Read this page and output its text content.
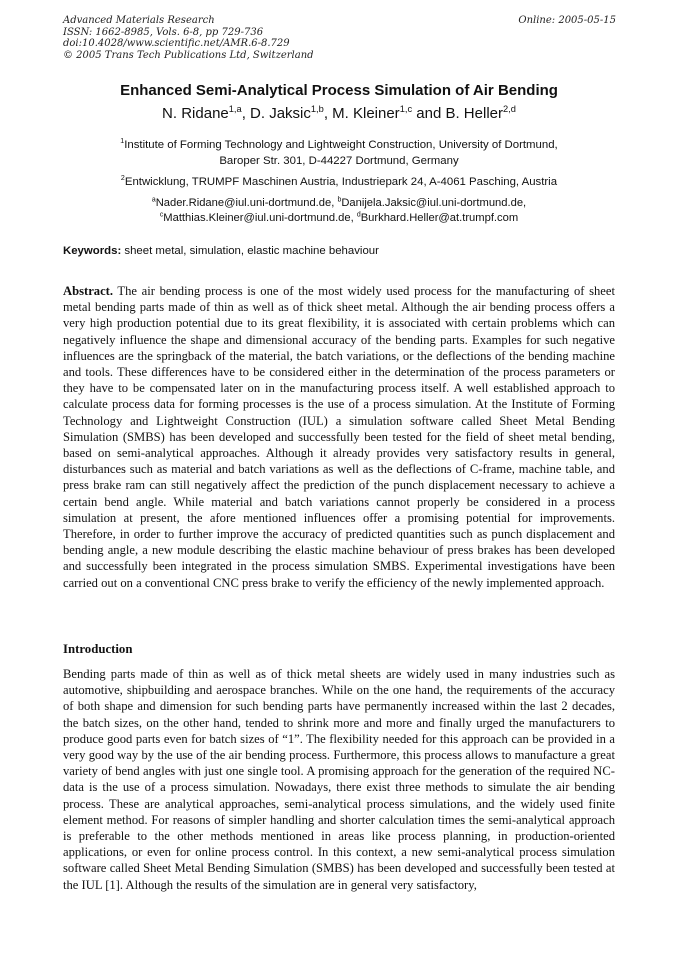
Advanced Materials Research
ISSN: 1662-8985, Vols. 6-8, pp 729-736
doi:10.4028/www.scientific.net/AMR.6-8.729
© 2005 Trans Tech Publications Ltd, Switzerland
Online: 2005-05-15
Enhanced Semi-Analytical Process Simulation of Air Bending
N. Ridane$^{1,a}$, D. Jaksic$^{1,b}$, M. Kleiner$^{1,c}$ and B. Heller$^{2,d}$
$^1$Institute of Forming Technology and Lightweight Construction, University of Dortmund,
Baroper Str. 301, D-44227 Dortmund, Germany
$^2$Entwicklung, TRUMPF Maschinen Austria, Industriepark 24, A-4061 Pasching, Austria
$^a$Nader.Ridane@iul.uni-dortmund.de, $^b$Danijela.Jaksic@iul.uni-dortmund.de,
$^c$Matthias.Kleiner@iul.uni-dortmund.de, $^d$Burkhard.Heller@at.trumpf.com
Keywords: sheet metal, simulation, elastic machine behaviour
Abstract. The air bending process is one of the most widely used process for the manufacturing of sheet metal bending parts made of thin as well as of thick sheet metal. Although the air bending process offers a very high production potential due to its great flexibility, it is associated with certain problems which can negatively influence the shape and dimensional accuracy of the bending parts. Examples for such negative influences are the springback of the material, the batch variations, or the deflections of the bending machine and tools. These differences have to be considered either in the determination of the process parameters or they have to be compensated later on in the manufacturing process itself. A well established approach to calculate process data for forming processes is the use of a process simulation. At the Institute of Forming Technology and Lightweight Construction (IUL) a simulation software called Sheet Metal Bending Simulation (SMBS) has been developed and successfully been tested for the field of sheet metal bending, based on semi-analytical approaches. Although it already provides very satisfactory results in general, disturbances such as material and batch variations as well as the deflections of C-frame, machine table, and press brake ram can still negatively affect the prediction of the punch displacement necessary to achieve a certain bend angle. While material and batch variations cannot properly be considered in a process simulation at present, the afore mentioned influences offer a promising potential for improvements. Therefore, in order to further improve the accuracy of predicted quantities such as punch displacement and bending angle, a new module describing the elastic machine behaviour of press brakes has been developed and successfully been integrated in the process simulation SMBS. Experimental investigations have been carried out on a conventional CNC press brake to verify the efficiency of the newly implemented approach.
Introduction
Bending parts made of thin as well as of thick metal sheets are widely used in many industries such as automotive, shipbuilding and aerospace branches. While on the one hand, the requirements of the accuracy of both shape and dimension for such bending parts have permanently increased within the last 2 decades, the batch sizes, on the other hand, tended to shrink more and more and finally urged the manufacturers to produce good parts even for batch sizes of “1”. The flexibility needed for this approach can be provided in a very good way by the use of the air bending process. Furthermore, this process allows to manufacture a great variety of bend angles with just one single tool. A promising approach for the generation of the required NC-data is the use of a process simulation. Nowadays, there exist three methods to simulate the air bending process. These are analytical approaches, semi-analytical process simulations, and the widely used finite element method. For reasons of simpler handling and shorter calculation times the semi-analytical approach is preferable to the other methods mentioned in areas like process planning, in production-oriented applications, or even for online process control. In this context, a new semi-analytical process simulation software called Sheet Metal Bending Simulation (SMBS) has been developed and successfully been tested at the IUL [1]. Although the results of the simulation are in general very satisfactory,
